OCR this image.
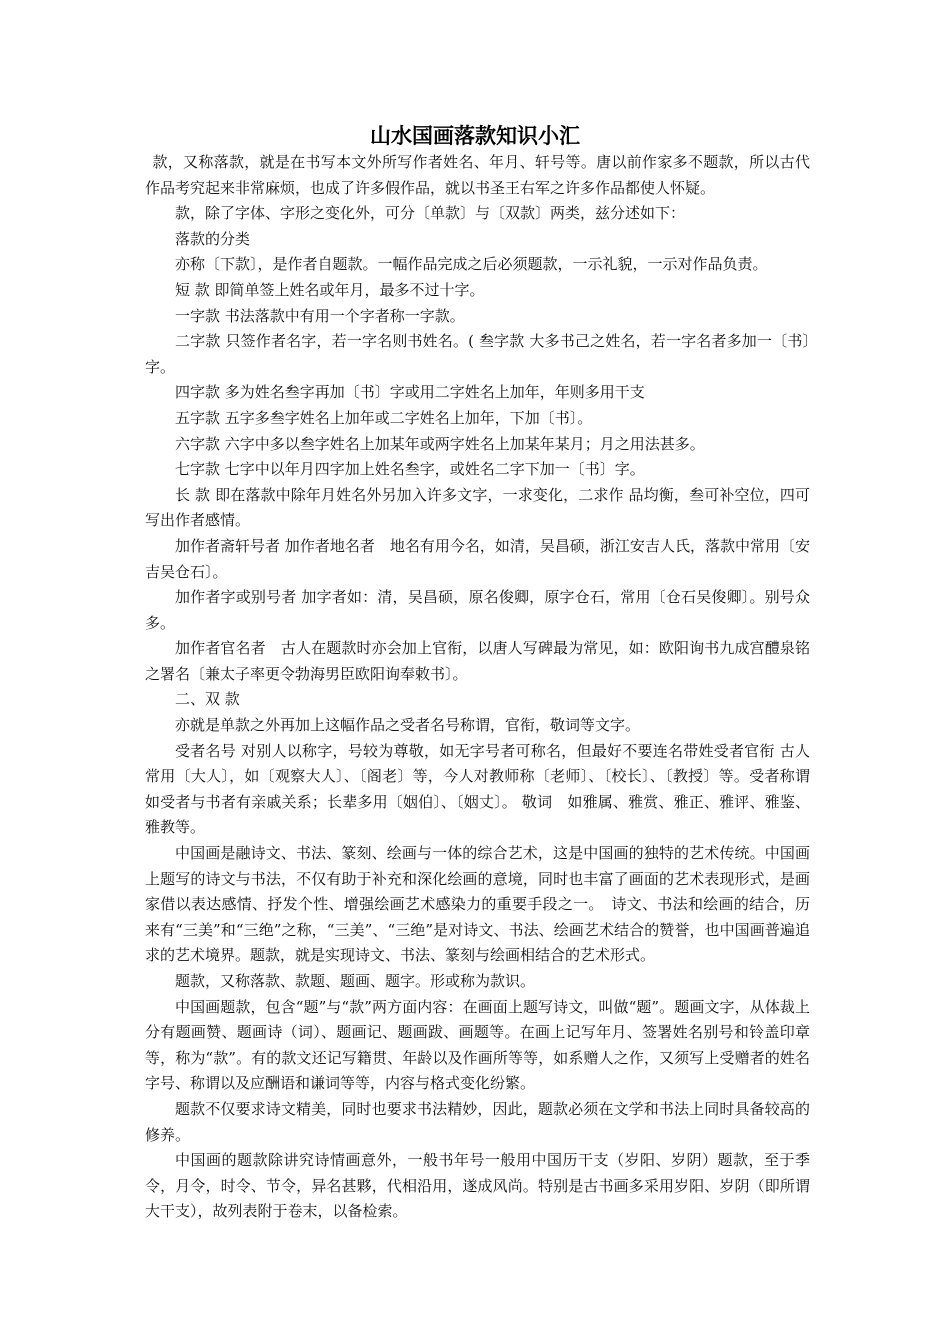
山水国画落款知识小汇

款，又称落款，就是在书写本文外所写作者姓名、年月、轩号等。唐以前作家多不题款，所以古代作品考究起来非常麻烦，也成了许多假作品，就以书圣王右军之许多作品都使人怀疑。

款，除了字体、字形之变化外，可分〔单款〕与〔双款〕两类，兹分述如下：

落款的分类

亦称〔下款〕，是作者自题款。一幅作品完成之后必须题款，一示礼貌，一示对作品负责。

短 款 即简单签上姓名或年月，最多不过十字。

一字款 书法落款中有用一个字者称一字款。

二字款 只签作者名字，若一字名则书姓名。( 叁字款 大多书己之姓名，若一字名者多加一〔书〕字。

四字款 多为姓名叁字再加〔书〕字或用二字姓名上加年，年则多用干支

五字款 五字多叁字姓名上加年或二字姓名上加年，下加〔书〕。

六字款 六字中多以叁字姓名上加某年或两字姓名上加某年某月；月之用法甚多。

七字款 七字中以年月四字加上姓名叁字，或姓名二字下加一〔书〕字。

长 款 即在落款中除年月姓名外另加入许多文字，一求变化，二求作 品均衡，叁可补空位，四可写出作者感情。

加作者斋轩号者 加作者地名者　地名有用今名，如清，吴昌硕，浙江安吉人氏，落款中常用〔安吉吴仓石〕。

加作者字或别号者 加字者如：清，吴昌硕，原名俊卿，原字仓石，常用〔仓石吴俊卿〕。别号众多。

加作者官名者　古人在题款时亦会加上官衔，以唐人写碑最为常见，如：欧阳询书九成宫醴泉铭之署名〔兼太子率更令勃海男臣欧阳询奉敕书〕。

二、双 款

亦就是单款之外再加上这幅作品之受者名号称谓，官衔，敬词等文字。

受者名号 对别人以称字，号较为尊敬，如无字号者可称名，但最好不要连名带姓受者官衔 古人常用〔大人〕，如〔观察大人〕、〔阁老〕等，今人对教师称〔老师〕、〔校长〕、〔教授〕等。受者称谓 如受者与书者有亲戚关系；长辈多用〔姻伯〕、〔姻丈〕。 敬词　如雅属、雅赏、雅正、雅评、雅鉴、雅教等。

中国画是融诗文、书法、篆刻、绘画与一体的综合艺术，这是中国画的独特的艺术传统。中国画上题写的诗文与书法，不仅有助于补充和深化绘画的意境，同时也丰富了画面的艺术表现形式，是画家借以表达感情、抒发个性、增强绘画艺术感染力的重要手段之一。　诗文、书法和绘画的结合，历来有“三美”和“三绝”之称，“三美”、“三绝”是对诗文、书法、绘画艺术结合的赞誉，也中国画普遍追求的艺术境界。题款，就是实现诗文、书法、篆刻与绘画相结合的艺术形式。

题款，又称落款、款题、题画、题字。形或称为款识。

中国画题款，包含“题”与“款”两方面内容：在画面上题写诗文，叫做“题”。题画文字，从体裁上分有题画赞、题画诗（词）、题画记、题画跋、画题等。在画上记写年月、签署姓名别号和铃盖印章等，称为“款”。有的款文还记写籍贯、年龄以及作画所等等，如系赠人之作，又须写上受赠者的姓名字号、称谓以及应酬语和谦词等等，内容与格式变化纷繁。

题款不仅要求诗文精美，同时也要求书法精妙，因此，题款必须在文学和书法上同时具备较高的修养。

中国画的题款除讲究诗情画意外，一般书年号一般用中国历干支（岁阳、岁阴）题款，至于季令，月令，时令、节令，异名甚夥，代相沿用，遂成风尚。特别是古书画多采用岁阳、岁阴（即所谓大干支），故列表附于卷末，以备检索。
